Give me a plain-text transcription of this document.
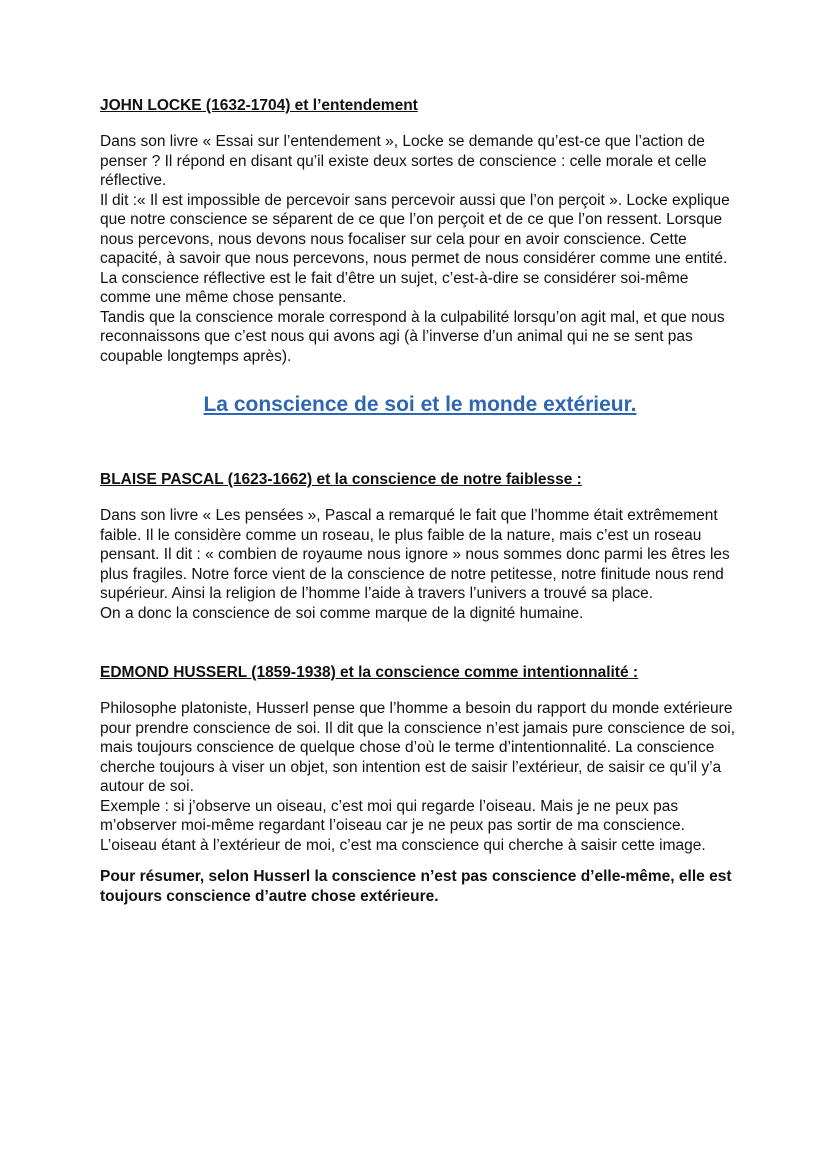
JOHN LOCKE (1632-1704) et l’entendement

Dans son livre « Essai sur l’entendement », Locke se demande qu’est-ce que l’action de penser ? Il répond en disant qu’il existe deux sortes de conscience : celle morale et celle réflective.

Il dit :« Il est impossible de percevoir sans percevoir aussi que l’on perçoit ». Locke explique que notre conscience se séparent de ce que l’on perçoit et de ce que l’on ressent. Lorsque nous percevons, nous devons nous focaliser sur cela pour en avoir conscience. Cette capacité, à savoir que nous percevons, nous permet de nous considérer comme une entité.

La conscience réflective est le fait d’être un sujet, c’est-à-dire se considérer soi-même comme une même chose pensante.

Tandis que la conscience morale correspond à la culpabilité lorsqu’on agit mal, et que nous reconnaissons que c’est nous qui avons agi (à l’inverse d’un animal qui ne se sent pas coupable longtemps après).

La conscience de soi et le monde extérieur.
BLAISE PASCAL (1623-1662) et la conscience de notre faiblesse :

Dans son livre « Les pensées », Pascal a remarqué le fait que l’homme était extrêmement faible. Il le considère comme un roseau, le plus faible de la nature, mais c’est un roseau pensant. Il dit : « combien de royaume nous ignore » nous sommes donc parmi les êtres les plus fragiles. Notre force vient de la conscience de notre petitesse, notre finitude nous rend supérieur. Ainsi la religion de l’homme l’aide à travers l’univers a trouvé sa place.

On a donc la conscience de soi comme marque de la dignité humaine.

EDMOND HUSSERL (1859-1938) et la conscience comme intentionnalité :

Philosophe platoniste, Husserl pense que l’homme a besoin du rapport du monde extérieure pour prendre conscience de soi. Il dit que la conscience n’est jamais pure conscience de soi, mais toujours conscience de quelque chose d’où le terme d’intentionnalité. La conscience cherche toujours à viser un objet, son intention est de saisir l’extérieur, de saisir ce qu’il y’a autour de soi.

Exemple : si j’observe un oiseau, c’est moi qui regarde l’oiseau. Mais je ne peux pas m’observer moi-même regardant l’oiseau car je ne peux pas sortir de ma conscience. L’oiseau étant à l’extérieur de moi, c’est ma conscience qui cherche à saisir cette image.

Pour résumer, selon Husserl la conscience n’est pas conscience d’elle-même, elle est toujours conscience d’autre chose extérieure.
